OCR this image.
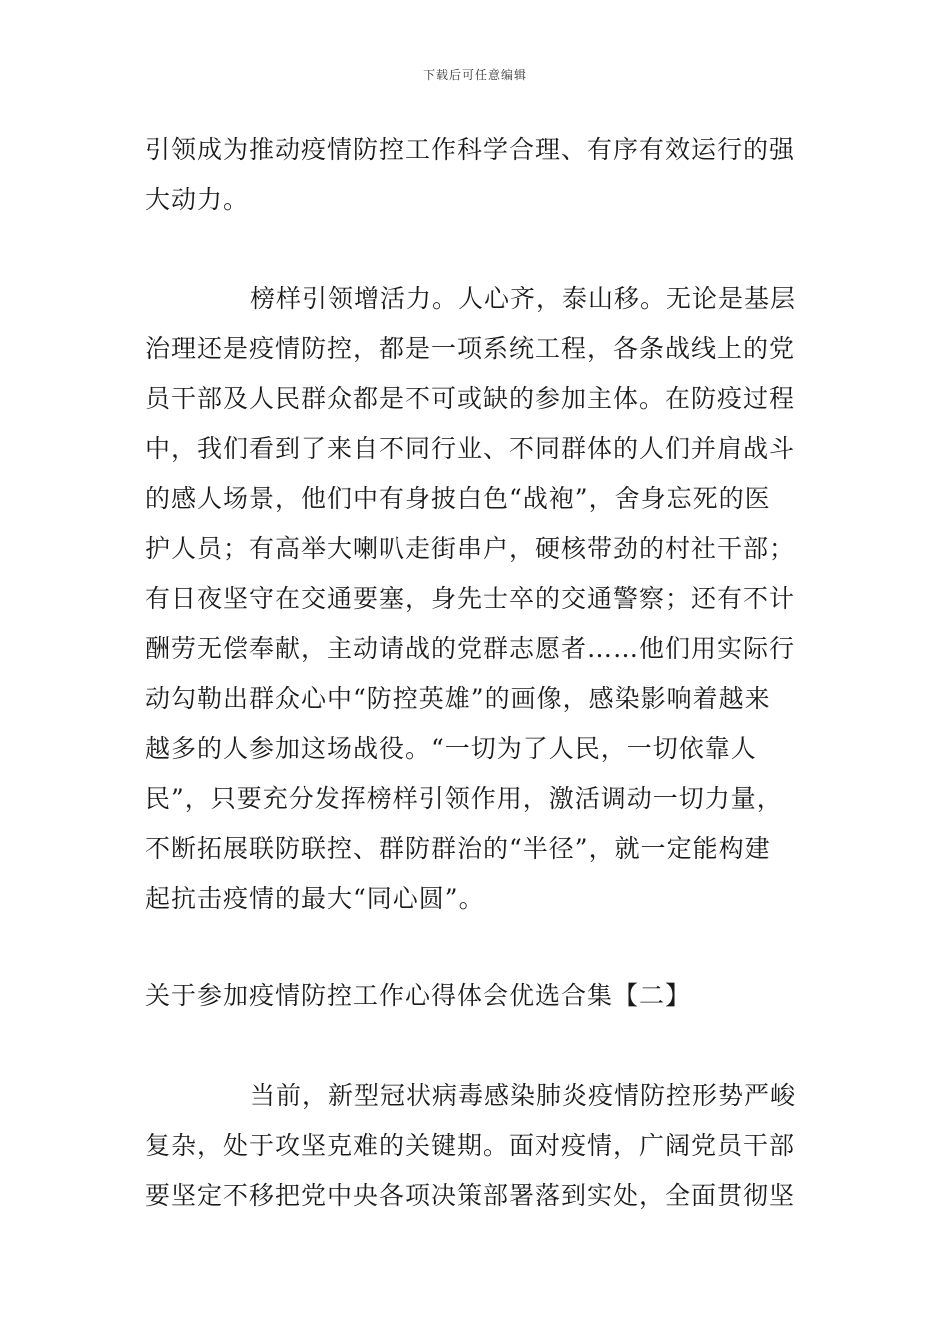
下载后可任意编辑
引领成为推动疫情防控工作科学合理、有序有效运行的强
大动力。
榜样引领增活力。人心齐，泰山移。无论是基层
治理还是疫情防控，都是一项系统工程，各条战线上的党
员干部及人民群众都是不可或缺的参加主体。在防疫过程
中，我们看到了来自不同行业、不同群体的人们并肩战斗
的感人场景，他们中有身披白色“战袍”，舍身忘死的医
护人员；有高举大喇叭走街串户，硬核带劲的村社干部；
有日夜坚守在交通要塞，身先士卒的交通警察；还有不计
酬劳无偿奉献，主动请战的党群志愿者……他们用实际行
动勾勒出群众心中“防控英雄”的画像，感染影响着越来
越多的人参加这场战役。“一切为了人民，一切依靠人
民”，只要充分发挥榜样引领作用，激活调动一切力量，
不断拓展联防联控、群防群治的“半径”，就一定能构建
起抗击疫情的最大“同心圆”。
关于参加疫情防控工作心得体会优选合集【二】
当前，新型冠状病毒感染肺炎疫情防控形势严峻
复杂，处于攻坚克难的关键期。面对疫情，广阔党员干部
要坚定不移把党中央各项决策部署落到实处，全面贯彻坚
